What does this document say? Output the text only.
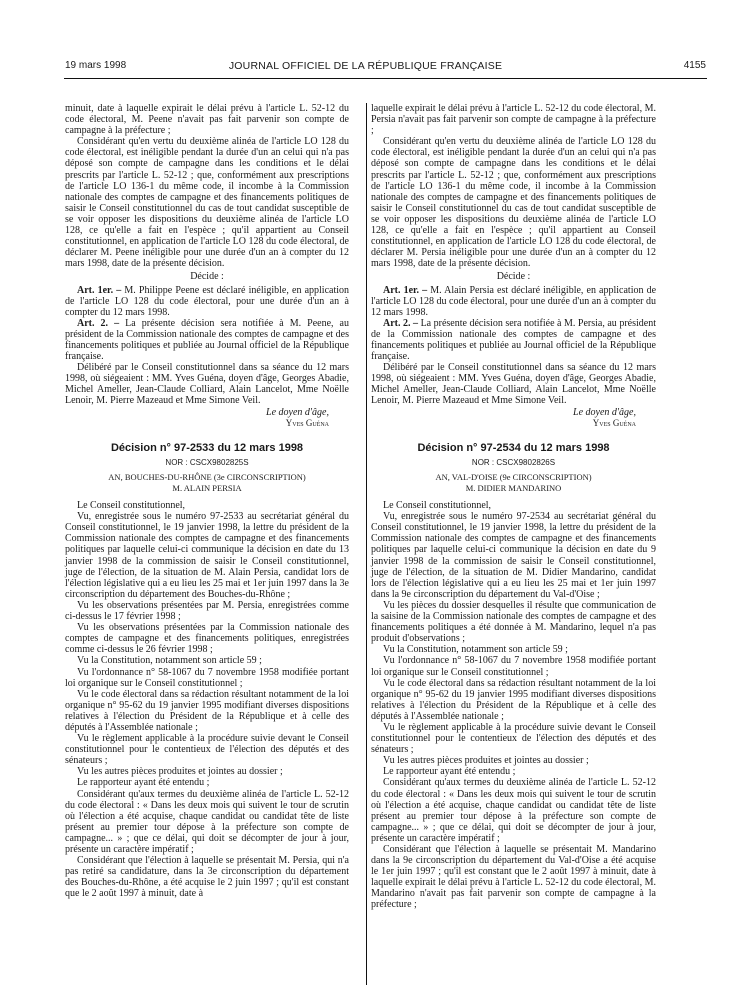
19 mars 1998	JOURNAL OFFICIEL DE LA RÉPUBLIQUE FRANÇAISE	4155

minuit, date à laquelle expirait le délai prévu à l'article L. 52-12 du code électoral, M. Peene n'avait pas fait parvenir son compte de campagne à la préfecture ;

Considérant qu'en vertu du deuxième alinéa de l'article LO 128 du code électoral, est inéligible pendant la durée d'un an celui qui n'a pas déposé son compte de campagne dans les conditions et le délai prescrits par l'article L. 52-12 ; que, conformément aux prescriptions de l'article LO 136-1 du même code, il incombe à la Commission nationale des comptes de campagne et des financements politiques de saisir le Conseil constitutionnel du cas de tout candidat susceptible de se voir opposer les dispositions du deuxième alinéa de l'article LO 128, ce qu'elle a fait en l'espèce ; qu'il appartient au Conseil constitutionnel, en application de l'article LO 128 du code électoral, de déclarer M. Peene inéligible pour une durée d'un an à compter du 12 mars 1998, date de la présente décision.

Décide :

Art. 1er. – M. Philippe Peene est déclaré inéligible, en application de l'article LO 128 du code électoral, pour une durée d'un an à compter du 12 mars 1998.

Art. 2. – La présente décision sera notifiée à M. Peene, au président de la Commission nationale des comptes de campagne et des financements politiques et publiée au Journal officiel de la République française.

Délibéré par le Conseil constitutionnel dans sa séance du 12 mars 1998, où siégeaient : MM. Yves Guéna, doyen d'âge, Georges Abadie, Michel Ameller, Jean-Claude Colliard, Alain Lancelot, Mme Noëlle Lenoir, M. Pierre Mazeaud et Mme Simone Veil.

Le doyen d'âge,

Yves Guéna

Décision n° 97-2533 du 12 mars 1998

NOR : CSCX9802825S

AN, BOUCHES-DU-RHÔNE (3e CIRCONSCRIPTION)

M. ALAIN PERSIA

Le Conseil constitutionnel,

Vu, enregistrée sous le numéro 97-2533 au secrétariat général du Conseil constitutionnel, le 19 janvier 1998, la lettre du président de la Commission nationale des comptes de campagne et des financements politiques par laquelle celui-ci communique la décision en date du 13 janvier 1998 de la commission de saisir le Conseil constitutionnel, juge de l'élection, de la situation de M. Alain Persia, candidat lors de l'élection législative qui a eu lieu les 25 mai et 1er juin 1997 dans la 3e circonscription du département des Bouches-du-Rhône ;

Vu les observations présentées par M. Persia, enregistrées comme ci-dessus le 17 février 1998 ;

Vu les observations présentées par la Commission nationale des comptes de campagne et des financements politiques, enregistrées comme ci-dessus le 26 février 1998 ;

Vu la Constitution, notamment son article 59 ;

Vu l'ordonnance n° 58-1067 du 7 novembre 1958 modifiée portant loi organique sur le Conseil constitutionnel ;

Vu le code électoral dans sa rédaction résultant notamment de la loi organique n° 95-62 du 19 janvier 1995 modifiant diverses dispositions relatives à l'élection du Président de la République et à celle des députés à l'Assemblée nationale ;

Vu le règlement applicable à la procédure suivie devant le Conseil constitutionnel pour le contentieux de l'élection des députés et des sénateurs ;

Vu les autres pièces produites et jointes au dossier ;

Le rapporteur ayant été entendu ;

Considérant qu'aux termes du deuxième alinéa de l'article L. 52-12 du code électoral : « Dans les deux mois qui suivent le tour de scrutin où l'élection a été acquise, chaque candidat ou candidat tête de liste présent au premier tour dépose à la préfecture son compte de campagne... » ; que ce délai, qui doit se décompter de jour à jour, présente un caractère impératif ;

Considérant que l'élection à laquelle se présentait M. Persia, qui n'a pas retiré sa candidature, dans la 3e circonscription du département des Bouches-du-Rhône, a été acquise le 2 juin 1997 ; qu'il est constant que le 2 août 1997 à minuit, date à

laquelle expirait le délai prévu à l'article L. 52-12 du code électoral, M. Persia n'avait pas fait parvenir son compte de campagne à la préfecture ;

Considérant qu'en vertu du deuxième alinéa de l'article LO 128 du code électoral, est inéligible pendant la durée d'un an celui qui n'a pas déposé son compte de campagne dans les conditions et le délai prescrits par l'article L. 52-12 ; que, conformément aux prescriptions de l'article LO 136-1 du même code, il incombe à la Commission nationale des comptes de campagne et des financements politiques de saisir le Conseil constitutionnel du cas de tout candidat susceptible de se voir opposer les dispositions du deuxième alinéa de l'article LO 128, ce qu'elle a fait en l'espèce ; qu'il appartient au Conseil constitutionnel, en application de l'article LO 128 du code électoral, de déclarer M. Persia inéligible pour une durée d'un an à compter du 12 mars 1998, date de la présente décision.

Décide :

Art. 1er. – M. Alain Persia est déclaré inéligible, en application de l'article LO 128 du code électoral, pour une durée d'un an à compter du 12 mars 1998.

Art. 2. – La présente décision sera notifiée à M. Persia, au président de la Commission nationale des comptes de campagne et des financements politiques et publiée au Journal officiel de la République française.

Délibéré par le Conseil constitutionnel dans sa séance du 12 mars 1998, où siégeaient : MM. Yves Guéna, doyen d'âge, Georges Abadie, Michel Ameller, Jean-Claude Colliard, Alain Lancelot, Mme Noëlle Lenoir, M. Pierre Mazeaud et Mme Simone Veil.

Le doyen d'âge,

Yves Guéna

Décision n° 97-2534 du 12 mars 1998

NOR : CSCX9802826S

AN, VAL-D'OISE (9e CIRCONSCRIPTION)

M. DIDIER MANDARINO

Le Conseil constitutionnel,

Vu, enregistrée sous le numéro 97-2534 au secrétariat général du Conseil constitutionnel, le 19 janvier 1998, la lettre du président de la Commission nationale des comptes de campagne et des financements politiques par laquelle celui-ci communique la décision en date du 9 janvier 1998 de la commission de saisir le Conseil constitutionnel, juge de l'élection, de la situation de M. Didier Mandarino, candidat lors de l'élection législative qui a eu lieu les 25 mai et 1er juin 1997 dans la 9e circonscription du département du Val-d'Oise ;

Vu les pièces du dossier desquelles il résulte que communication de la saisine de la Commission nationale des comptes de campagne et des financements politiques a été donnée à M. Mandarino, lequel n'a pas produit d'observations ;

Vu la Constitution, notamment son article 59 ;

Vu l'ordonnance n° 58-1067 du 7 novembre 1958 modifiée portant loi organique sur le Conseil constitutionnel ;

Vu le code électoral dans sa rédaction résultant notamment de la loi organique n° 95-62 du 19 janvier 1995 modifiant diverses dispositions relatives à l'élection du Président de la République et à celle des députés à l'Assemblée nationale ;

Vu le règlement applicable à la procédure suivie devant le Conseil constitutionnel pour le contentieux de l'élection des députés et des sénateurs ;

Vu les autres pièces produites et jointes au dossier ;

Le rapporteur ayant été entendu ;

Considérant qu'aux termes du deuxième alinéa de l'article L. 52-12 du code électoral : « Dans les deux mois qui suivent le tour de scrutin où l'élection a été acquise, chaque candidat ou candidat tête de liste présent au premier tour dépose à la préfecture son compte de campagne... » ; que ce délai, qui doit se décompter de jour à jour, présente un caractère impératif ;

Considérant que l'élection à laquelle se présentait M. Mandarino dans la 9e circonscription du département du Val-d'Oise a été acquise le 1er juin 1997 ; qu'il est constant que le 2 août 1997 à minuit, date à laquelle expirait le délai prévu à l'article L. 52-12 du code électoral, M. Mandarino n'avait pas fait parvenir son compte de campagne à la préfecture ;
